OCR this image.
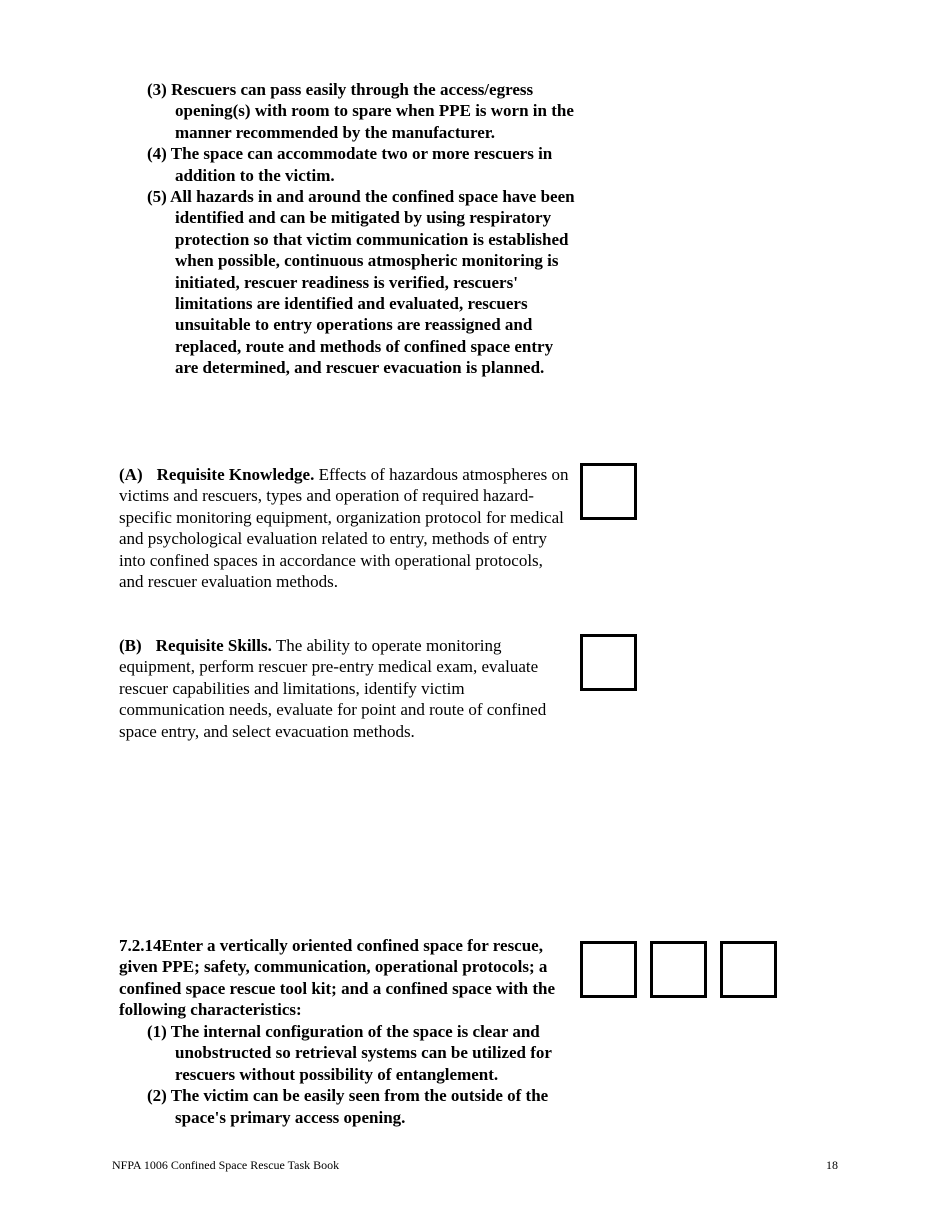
(3) Rescuers can pass easily through the access/egress opening(s) with room to spare when PPE is worn in the manner recommended by the manufacturer.
(4) The space can accommodate two or more rescuers in addition to the victim.
(5) All hazards in and around the confined space have been identified and can be mitigated by using respiratory protection so that victim communication is established when possible, continuous atmospheric monitoring is initiated, rescuer readiness is verified, rescuers' limitations are identified and evaluated, rescuers unsuitable to entry operations are reassigned and replaced, route and methods of confined space entry are determined, and rescuer evacuation is planned.

(A) Requisite Knowledge. Effects of hazardous atmospheres on victims and rescuers, types and operation of required hazard-specific monitoring equipment, organization protocol for medical and psychological evaluation related to entry, methods of entry into confined spaces in accordance with operational protocols, and rescuer evaluation methods.

(B) Requisite Skills. The ability to operate monitoring equipment, perform rescuer pre-entry medical exam, evaluate rescuer capabilities and limitations, identify victim communication needs, evaluate for point and route of confined space entry, and select evacuation methods.

7.2.14Enter a vertically oriented confined space for rescue, given PPE; safety, communication, operational protocols; a confined space rescue tool kit; and a confined space with the following characteristics:

(1) The internal configuration of the space is clear and unobstructed so retrieval systems can be utilized for rescuers without possibility of entanglement.
(2) The victim can be easily seen from the outside of the space's primary access opening.
NFPA 1006 Confined Space Rescue Task Book	18
